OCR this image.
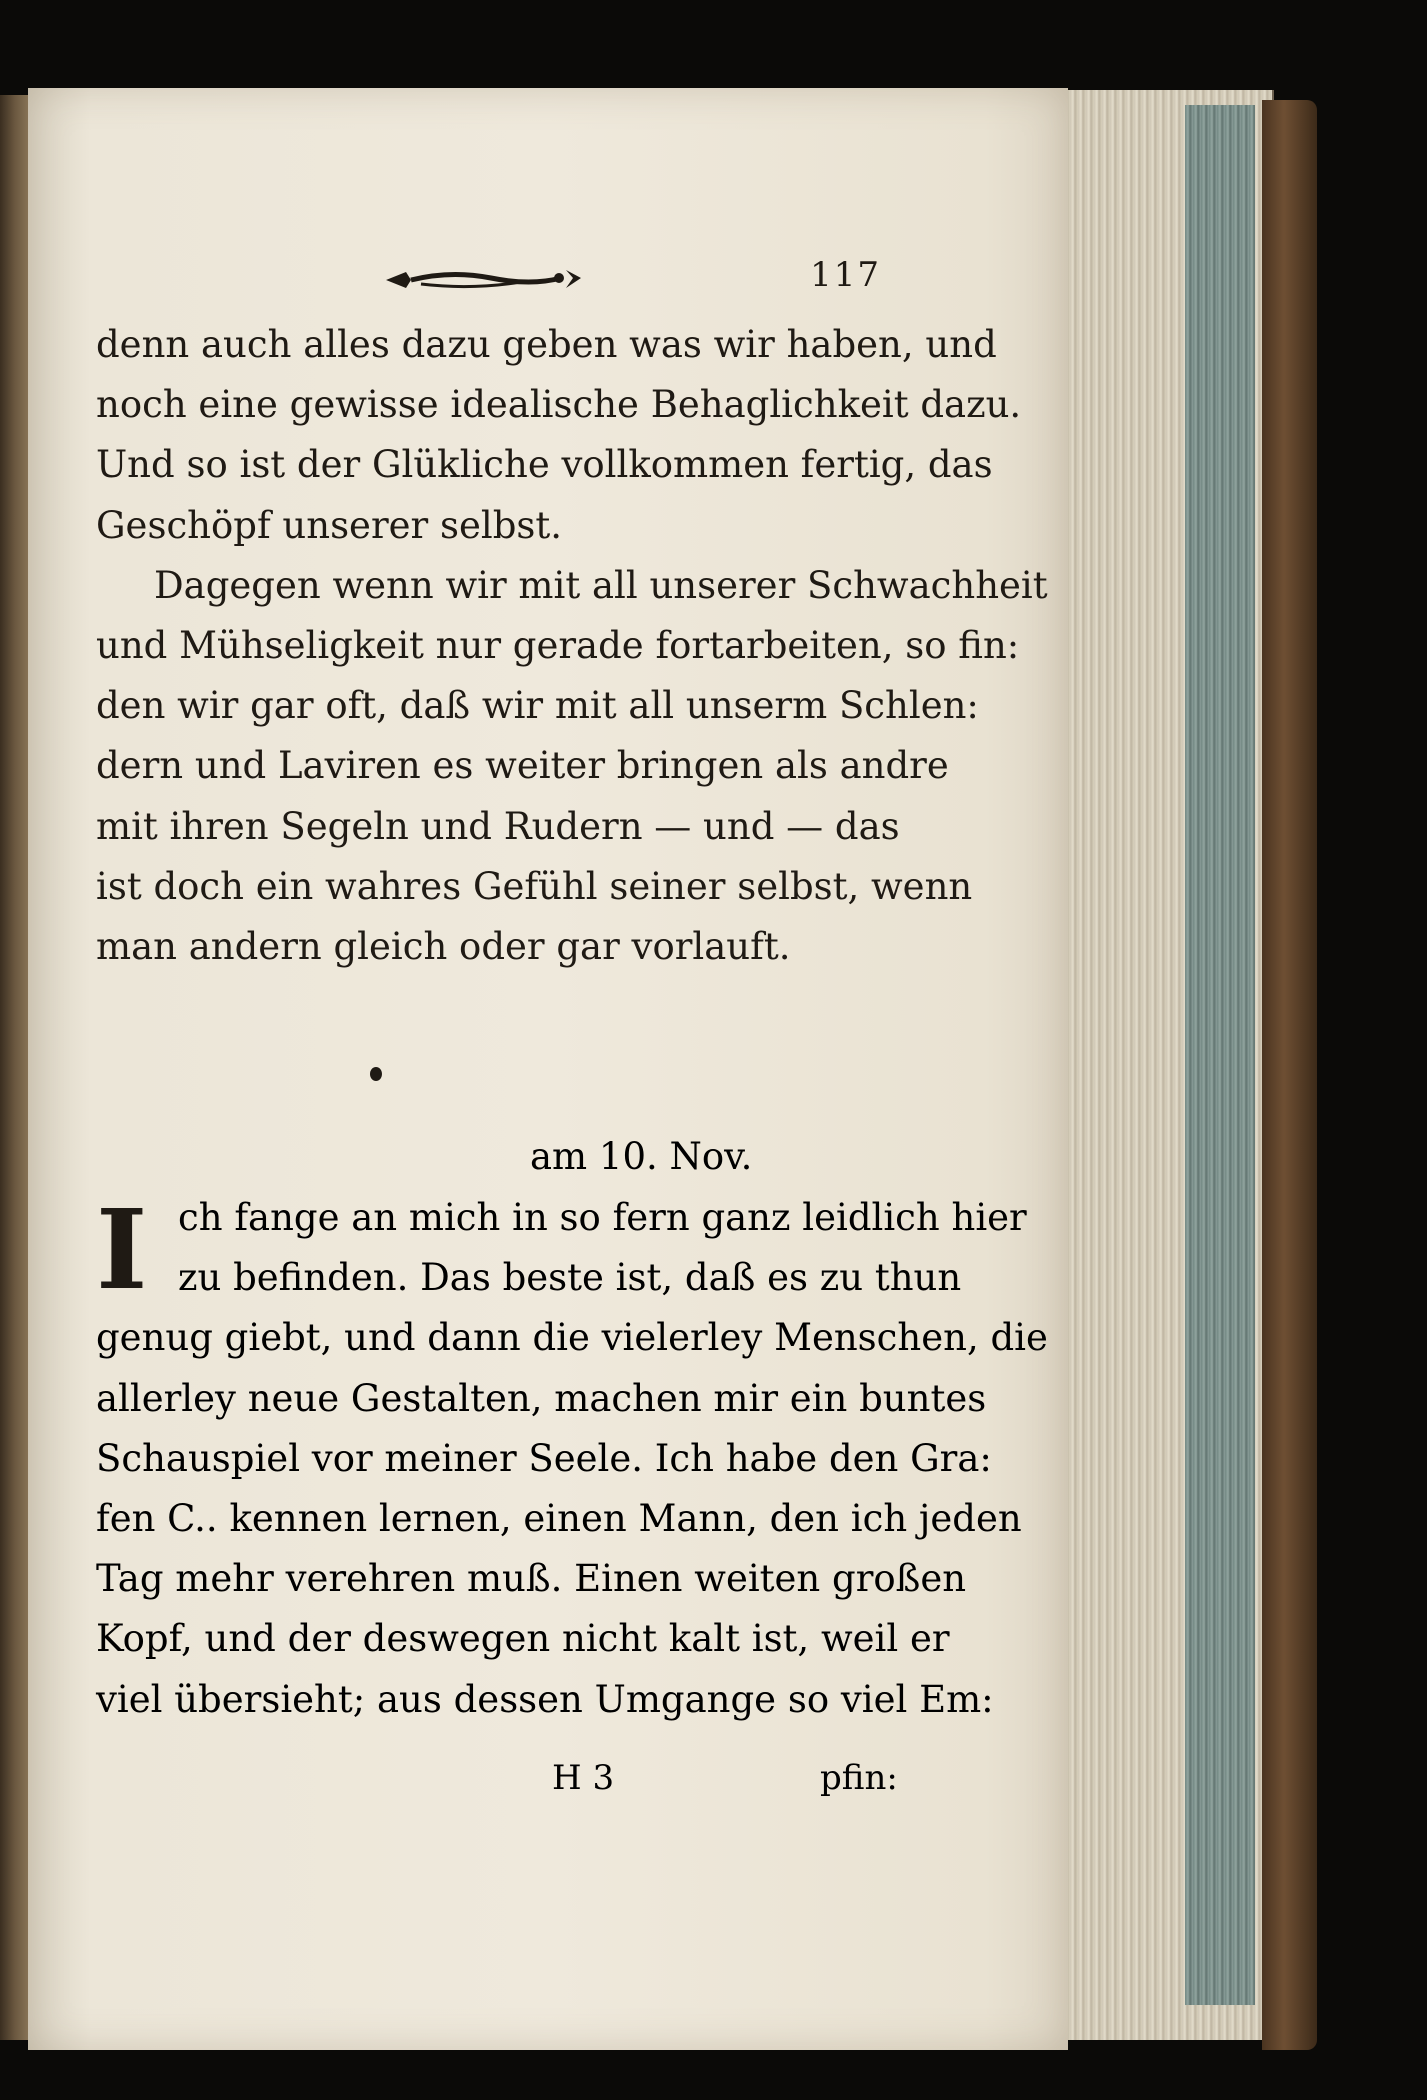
117

denn auch alles dazu geben was wir haben, und
noch eine gewisse idealische Behaglichkeit dazu.
Und so ist der Glükliche vollkommen fertig, das
Geschöpf unserer selbst.

Dagegen wenn wir mit all unserer Schwachheit
und Mühseligkeit nur gerade fortarbeiten, so fin:
den wir gar oft, daß wir mit all unserm Schlen:
dern und Laviren es weiter bringen als andre
mit ihren Segeln und Rudern — und — das
ist doch ein wahres Gefühl seiner selbst, wenn
man andern gleich oder gar vorlauft.

am 10. Nov.
I ch fange an mich in so fern ganz leidlich hier
zu befinden. Das beste ist, daß es zu thun
genug giebt, und dann die vielerley Menschen, die
allerley neue Gestalten, machen mir ein buntes
Schauspiel vor meiner Seele. Ich habe den Gra:
fen C.. kennen lernen, einen Mann, den ich jeden
Tag mehr verehren muß. Einen weiten großen
Kopf, und der deswegen nicht kalt ist, weil er
viel übersieht; aus dessen Umgange so viel Em:

H 3	pfin:
